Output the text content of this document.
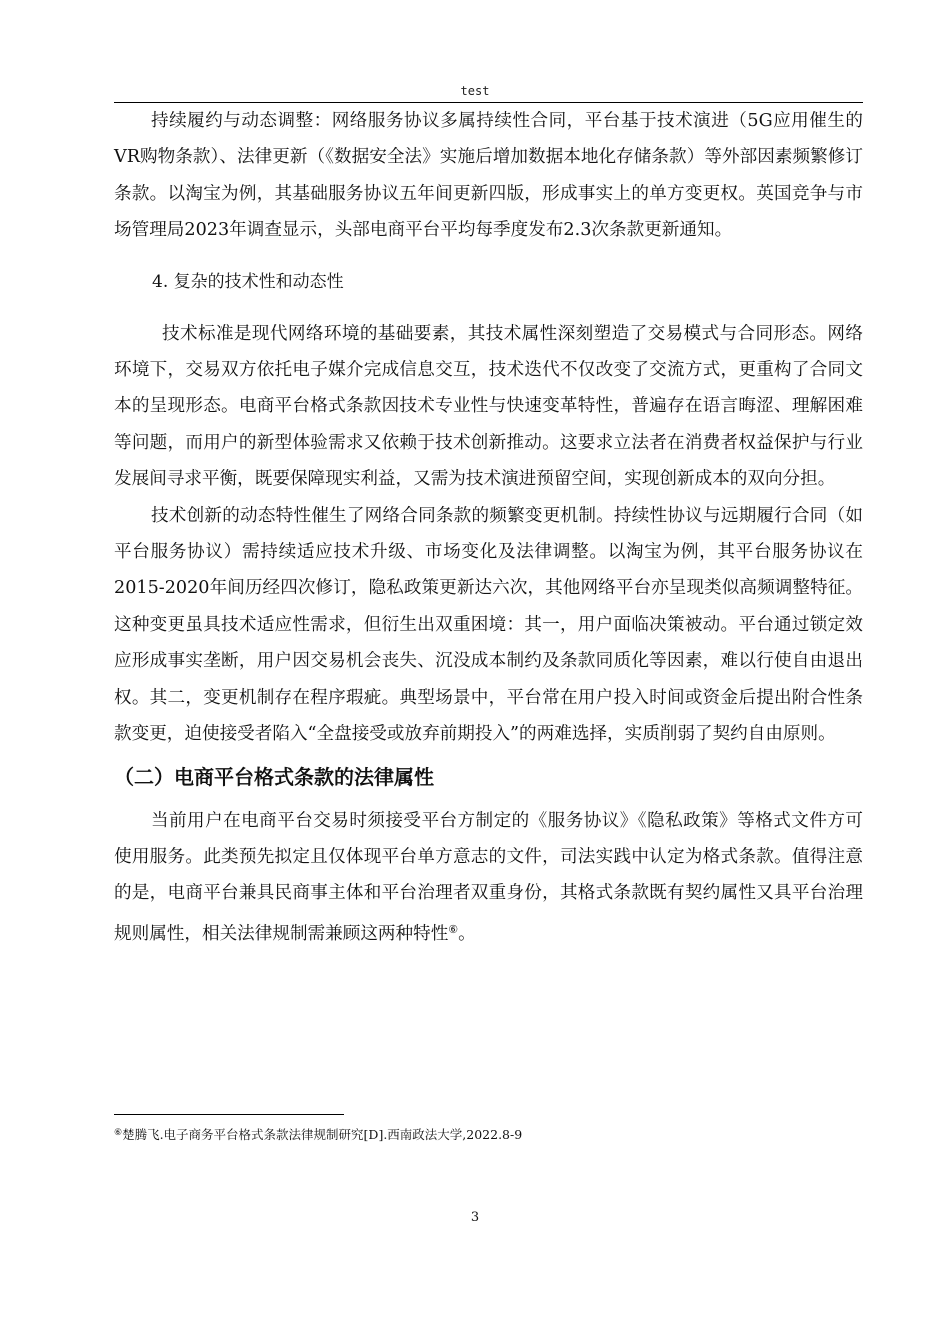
test

持续履约与动态调整：网络服务协议多属持续性合同，平台基于技术演进（5G应用催生的VR购物条款）、法律更新（《数据安全法》实施后增加数据本地化存储条款）等外部因素频繁修订条款。以淘宝为例，其基础服务协议五年间更新四版，形成事实上的单方变更权。英国竞争与市场管理局2023年调查显示，头部电商平台平均每季度发布2.3次条款更新通知。

4. 复杂的技术性和动态性

技术标准是现代网络环境的基础要素，其技术属性深刻塑造了交易模式与合同形态。网络环境下，交易双方依托电子媒介完成信息交互，技术迭代不仅改变了交流方式，更重构了合同文本的呈现形态。电商平台格式条款因技术专业性与快速变革特性，普遍存在语言晦涩、理解困难等问题，而用户的新型体验需求又依赖于技术创新推动。这要求立法者在消费者权益保护与行业发展间寻求平衡，既要保障现实利益，又需为技术演进预留空间，实现创新成本的双向分担。

技术创新的动态特性催生了网络合同条款的频繁变更机制。持续性协议与远期履行合同（如平台服务协议）需持续适应技术升级、市场变化及法律调整。以淘宝为例，其平台服务协议在2015-2020年间历经四次修订，隐私政策更新达六次，其他网络平台亦呈现类似高频调整特征。这种变更虽具技术适应性需求，但衍生出双重困境：其一，用户面临决策被动。平台通过锁定效应形成事实垄断，用户因交易机会丧失、沉没成本制约及条款同质化等因素，难以行使自由退出权。其二，变更机制存在程序瑕疵。典型场景中，平台常在用户投入时间或资金后提出附合性条款变更，迫使接受者陷入“全盘接受或放弃前期投入”的两难选择，实质削弱了契约自由原则。

（二）电商平台格式条款的法律属性

当前用户在电商平台交易时须接受平台方制定的《服务协议》《隐私政策》等格式文件方可使用服务。此类预先拟定且仅体现平台单方意志的文件，司法实践中认定为格式条款。值得注意的是，电商平台兼具民商事主体和平台治理者双重身份，其格式条款既有契约属性又具平台治理规则属性，相关法律规制需兼顾这两种特性⑥。

⑥楚腾飞.电子商务平台格式条款法律规制研究[D].西南政法大学,2022.8-9
3
